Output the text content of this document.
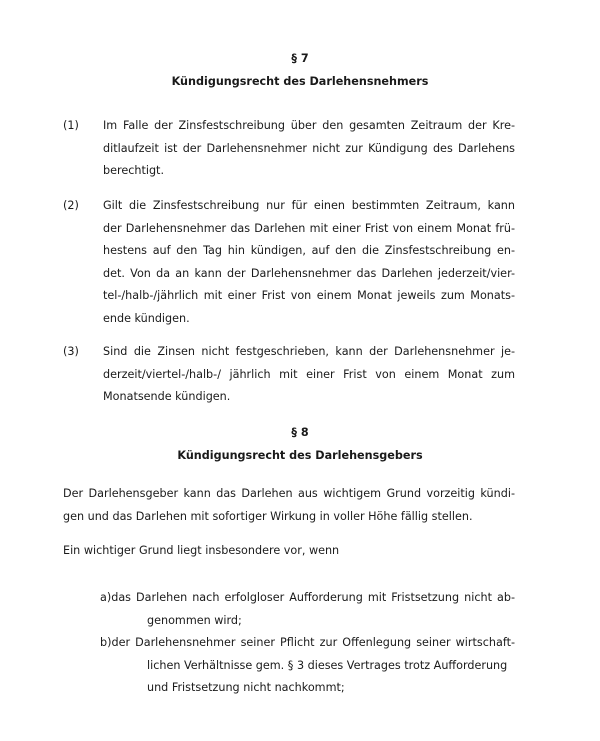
§ 7
Kündigungsrecht des Darlehensnehmers
(1) Im Falle der Zinsfestschreibung über den gesamten Zeitraum der Kre-
ditlaufzeit ist der Darlehensnehmer nicht zur Kündigung des Darlehens
berechtigt.
(2) Gilt die Zinsfestschreibung nur für einen bestimmten Zeitraum, kann
der Darlehensnehmer das Darlehen mit einer Frist von einem Monat frü-
hestens auf den Tag hin kündigen, auf den die Zinsfestschreibung en-
det. Von da an kann der Darlehensnehmer das Darlehen jederzeit/vier-
tel-/halb-/jährlich mit einer Frist von einem Monat jeweils zum Monats-
ende kündigen.
(3) Sind die Zinsen nicht festgeschrieben, kann der Darlehensnehmer je-
derzeit/viertel-/halb-/ jährlich mit einer Frist von einem Monat zum
Monatsende kündigen.
§ 8
Kündigungsrecht des Darlehensgebers
Der Darlehensgeber kann das Darlehen aus wichtigem Grund vorzeitig kündi-
gen und das Darlehen mit sofortiger Wirkung in voller Höhe fällig stellen.
Ein wichtiger Grund liegt insbesondere vor, wenn
a)das Darlehen nach erfolgloser Aufforderung mit Fristsetzung nicht ab-
genommen wird;
b)der Darlehensnehmer seiner Pflicht zur Offenlegung seiner wirtschaft-
lichen Verhältnisse gem. § 3 dieses Vertrages trotz Aufforderung
und Fristsetzung nicht nachkommt;
